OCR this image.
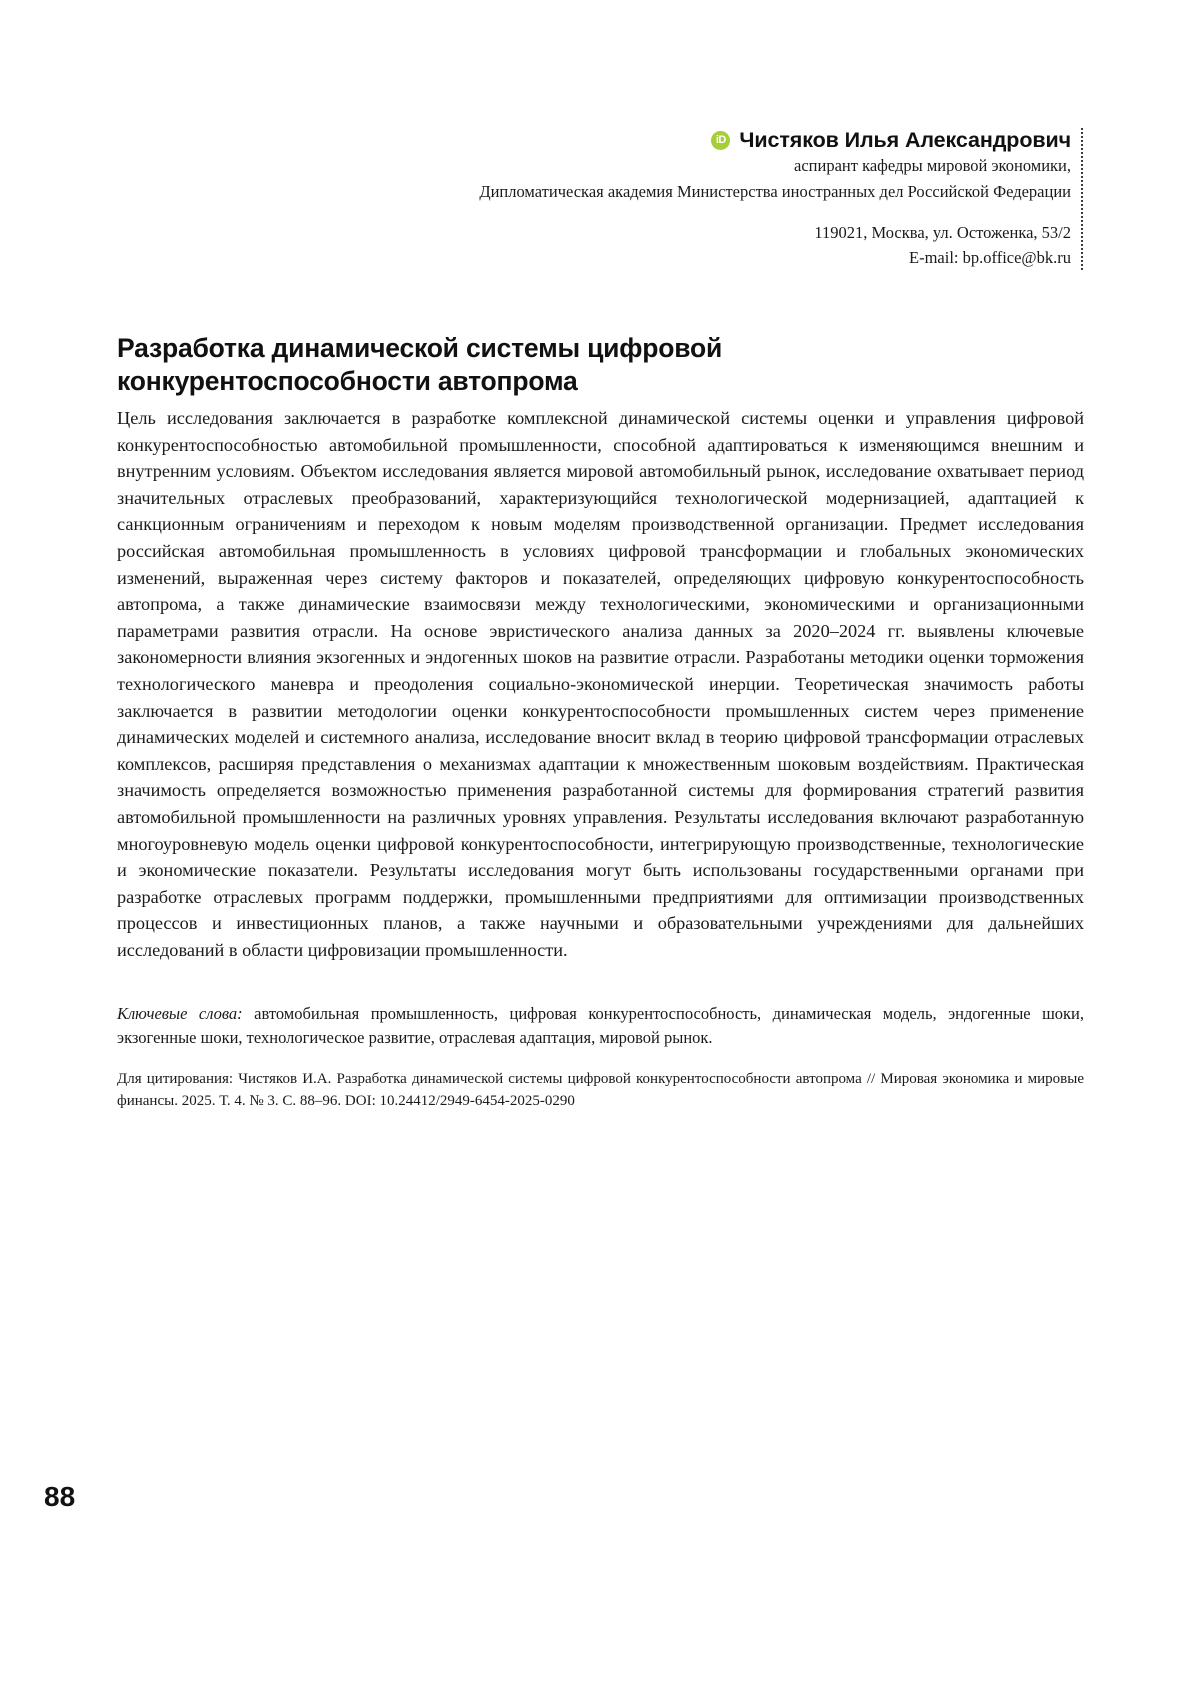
iD Чистяков Илья Александрович
аспирант кафедры мировой экономики,
Дипломатическая академия Министерства иностранных дел Российской Федерации
119021, Москва, ул. Остоженка, 53/2
E-mail: bp.office@bk.ru
Разработка динамической системы цифровой конкурентоспособности автопрома
Цель исследования заключается в разработке комплексной динамической системы оценки и управления цифровой конкурентоспособностью автомобильной промышленности, способной адаптироваться к изменяющимся внешним и внутренним условиям. Объектом исследования является мировой автомобильный рынок, исследование охватывает период значительных отраслевых преобразований, характеризующийся технологической модернизацией, адаптацией к санкционным ограничениям и переходом к новым моделям производственной организации. Предмет исследования российская автомобильная промышленность в условиях цифровой трансформации и глобальных экономических изменений, выраженная через систему факторов и показателей, определяющих цифровую конкурентоспособность автопрома, а также динамические взаимосвязи между технологическими, экономическими и организационными параметрами развития отрасли. На основе эвристического анализа данных за 2020–2024 гг. выявлены ключевые закономерности влияния экзогенных и эндогенных шоков на развитие отрасли. Разработаны методики оценки торможения технологического маневра и преодоления социально-экономической инерции. Теоретическая значимость работы заключается в развитии методологии оценки конкурентоспособности промышленных систем через применение динамических моделей и системного анализа, исследование вносит вклад в теорию цифровой трансформации отраслевых комплексов, расширяя представления о механизмах адаптации к множественным шоковым воздействиям. Практическая значимость определяется возможностью применения разработанной системы для формирования стратегий развития автомобильной промышленности на различных уровнях управления. Результаты исследования включают разработанную многоуровневую модель оценки цифровой конкурентоспособности, интегрирующую производственные, технологические и экономические показатели. Результаты исследования могут быть использованы государственными органами при разработке отраслевых программ поддержки, промышленными предприятиями для оптимизации производственных процессов и инвестиционных планов, а также научными и образовательными учреждениями для дальнейших исследований в области цифровизации промышленности.
Ключевые слова: автомобильная промышленность, цифровая конкурентоспособность, динамическая модель, эндогенные шоки, экзогенные шоки, технологическое развитие, отраслевая адаптация, мировой рынок.
Для цитирования: Чистяков И.А. Разработка динамической системы цифровой конкурентоспособности автопрома // Мировая экономика и мировые финансы. 2025. Т. 4. № 3. С. 88–96. DOI: 10.24412/2949-6454-2025-0290
88
